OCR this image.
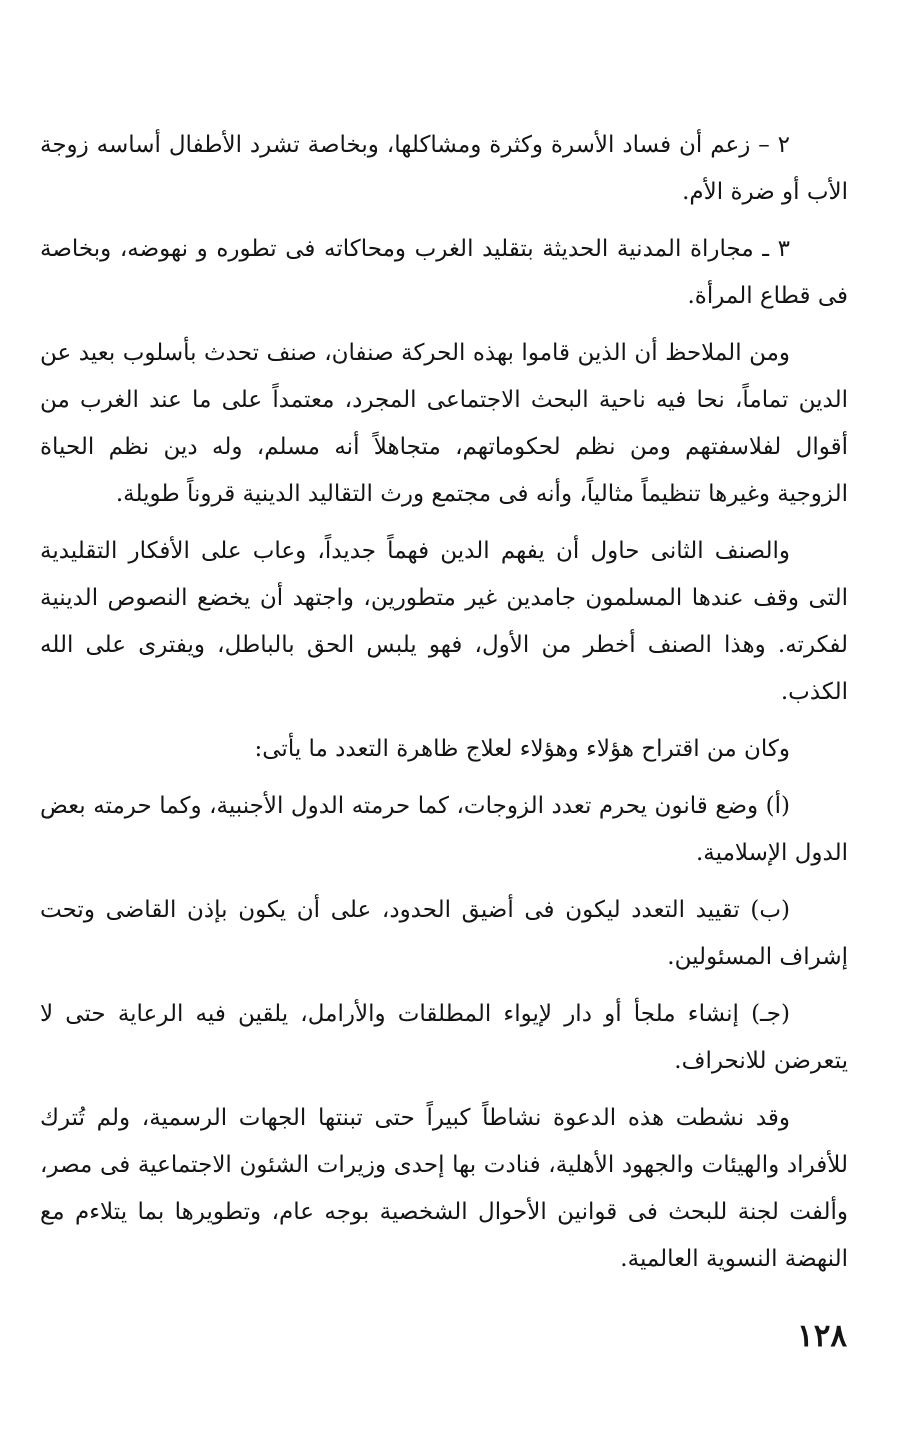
٢ – زعم أن فساد الأسرة وكثرة ومشاكلها، وبخاصة تشرد الأطفال أساسه زوجة الأب أو ضرة الأم.

٣ ـ مجاراة المدنية الحديثة بتقليد الغرب ومحاكاته فى تطوره و نهوضه، وبخاصة فى قطاع المرأة.

ومن الملاحظ أن الذين قاموا بهذه الحركة صنفان، صنف تحدث بأسلوب بعيد عن الدين تماماً، نحا فيه ناحية البحث الاجتماعى المجرد، معتمداً على ما عند الغرب من أقوال لفلاسفتهم ومن نظم لحكوماتهم، متجاهلاً أنه مسلم، وله دين نظم الحياة الزوجية وغيرها تنظيماً مثالياً، وأنه فى مجتمع ورث التقاليد الدينية قروناً طويلة.

والصنف الثانى حاول أن يفهم الدين فهماً جديداً، وعاب على الأفكار التقليدية التى وقف عندها المسلمون جامدين غير متطورين، واجتهد أن يخضع النصوص الدينية لفكرته. وهذا الصنف أخطر من الأول، فهو يلبس الحق بالباطل، ويفترى على الله الكذب.

وكان من اقتراح هؤلاء وهؤلاء لعلاج ظاهرة التعدد ما يأتى:

(أ) وضع قانون يحرم تعدد الزوجات، كما حرمته الدول الأجنبية، وكما حرمته بعض الدول الإسلامية.

(ب) تقييد التعدد ليكون فى أضيق الحدود، على أن يكون بإذن القاضى وتحت إشراف المسئولين.

(جـ) إنشاء ملجأ أو دار لإيواء المطلقات والأرامل، يلقين فيه الرعاية حتى لا يتعرضن للانحراف.

وقد نشطت هذه الدعوة نشاطاً كبيراً حتى تبنتها الجهات الرسمية، ولم تُترك للأفراد والهيئات والجهود الأهلية، فنادت بها إحدى وزيرات الشئون الاجتماعية فى مصر، وألفت لجنة للبحث فى قوانين الأحوال الشخصية بوجه عام، وتطويرها بما يتلاءم مع النهضة النسوية العالمية.

١٢٨
